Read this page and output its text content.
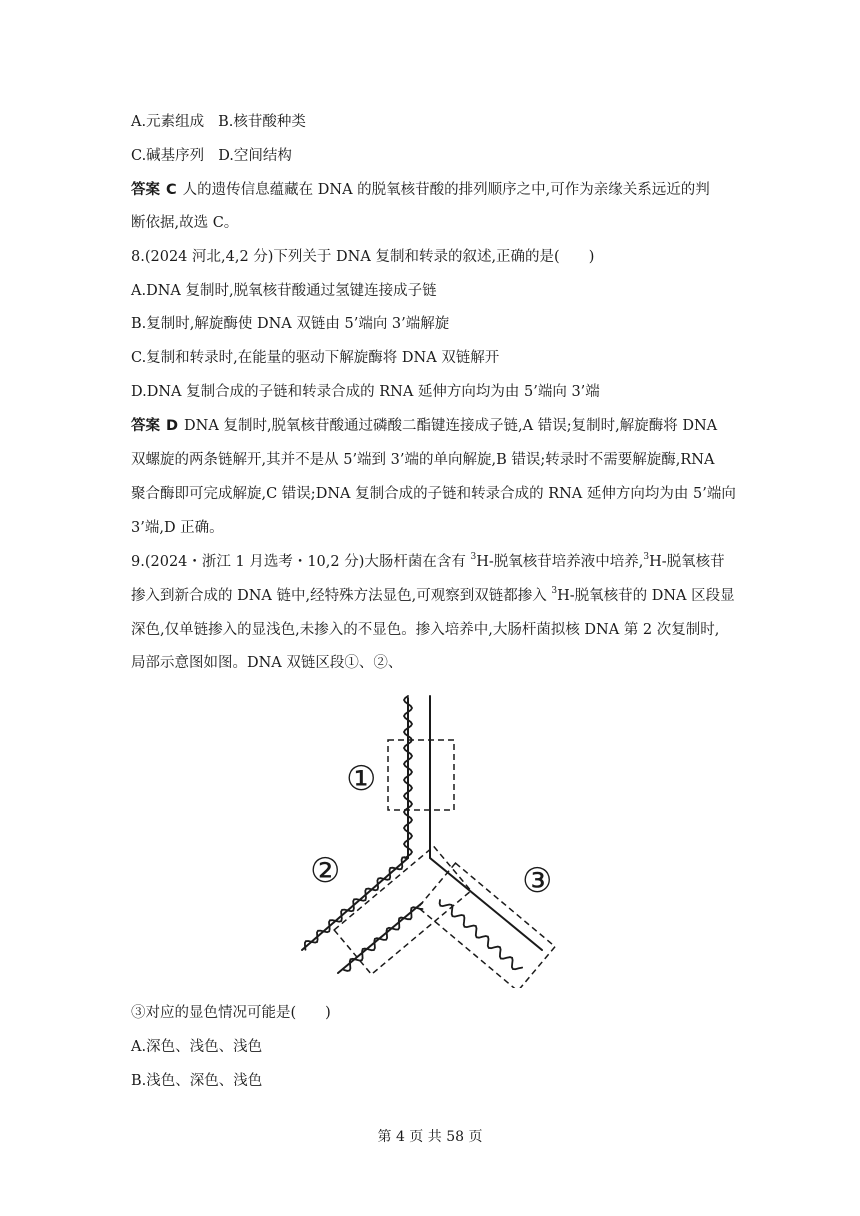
A.元素组成 B.核苷酸种类
C.碱基序列 D.空间结构
答案 C 人的遗传信息蕴藏在 DNA 的脱氧核苷酸的排列顺序之中,可作为亲缘关系远近的判
断依据,故选 C。
8.(2024 河北,4,2 分)下列关于 DNA 复制和转录的叙述,正确的是(　　)
A.DNA 复制时,脱氧核苷酸通过氢键连接成子链
B.复制时,解旋酶使 DNA 双链由 5’端向 3’端解旋
C.复制和转录时,在能量的驱动下解旋酶将 DNA 双链解开
D.DNA 复制合成的子链和转录合成的 RNA 延伸方向均为由 5’端向 3’端
答案 D DNA 复制时,脱氧核苷酸通过磷酸二酯键连接成子链,A 错误;复制时,解旋酶将 DNA
双螺旋的两条链解开,其并不是从 5’端到 3’端的单向解旋,B 错误;转录时不需要解旋酶,RNA
聚合酶即可完成解旋,C 错误;DNA 复制合成的子链和转录合成的 RNA 延伸方向均为由 5’端向
3’端,D 正确。
9.(2024・浙江 1 月选考・10,2 分)大肠杆菌在含有 $^3$H-脱氧核苷培养液中培养,$^3$H-脱氧核苷
掺入到新合成的 DNA 链中,经特殊方法显色,可观察到双链都掺入 $^3$H-脱氧核苷的 DNA 区段显
深色,仅单链掺入的显浅色,未掺入的不显色。掺入培养中,大肠杆菌拟核 DNA 第 2 次复制时,
局部示意图如图。DNA 双链区段①、②、
①
②	③
③对应的显色情况可能是(　　)
A.深色、浅色、浅色
B.浅色、深色、浅色
第 4 页 共 58 页
